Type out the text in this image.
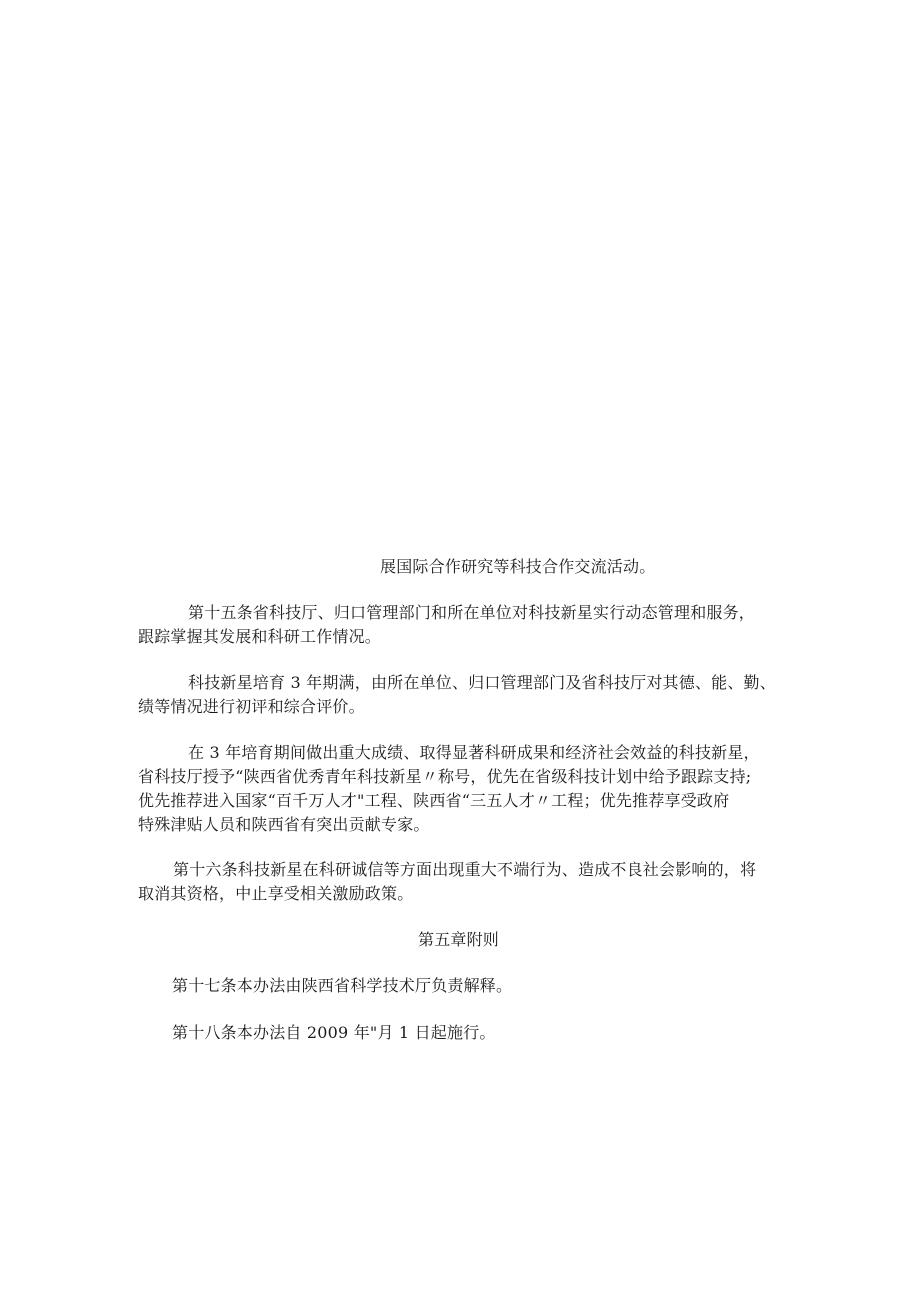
展国际合作研究等科技合作交流活动。
第十五条省科技厅、归口管理部门和所在单位对科技新星实行动态管理和服务，
跟踪掌握其发展和科研工作情况。
科技新星培育 3 年期满，由所在单位、归口管理部门及省科技厅对其德、能、勤、
绩等情况进行初评和综合评价。
在 3 年培育期间做出重大成绩、取得显著科研成果和经济社会效益的科技新星，
省科技厅授予“陕西省优秀青年科技新星〃称号，优先在省级科技计划中给予跟踪支持;
优先推荐进入国家“百千万人才"工程、陕西省“三五人才〃工程；优先推荐享受政府
特殊津贴人员和陕西省有突出贡献专家。
第十六条科技新星在科研诚信等方面出现重大不端行为、造成不良社会影响的，将
取消其资格，中止享受相关激励政策。
第五章附则
第十七条本办法由陕西省科学技术厅负责解释。
第十八条本办法自 2009 年"月 1 日起施行。
